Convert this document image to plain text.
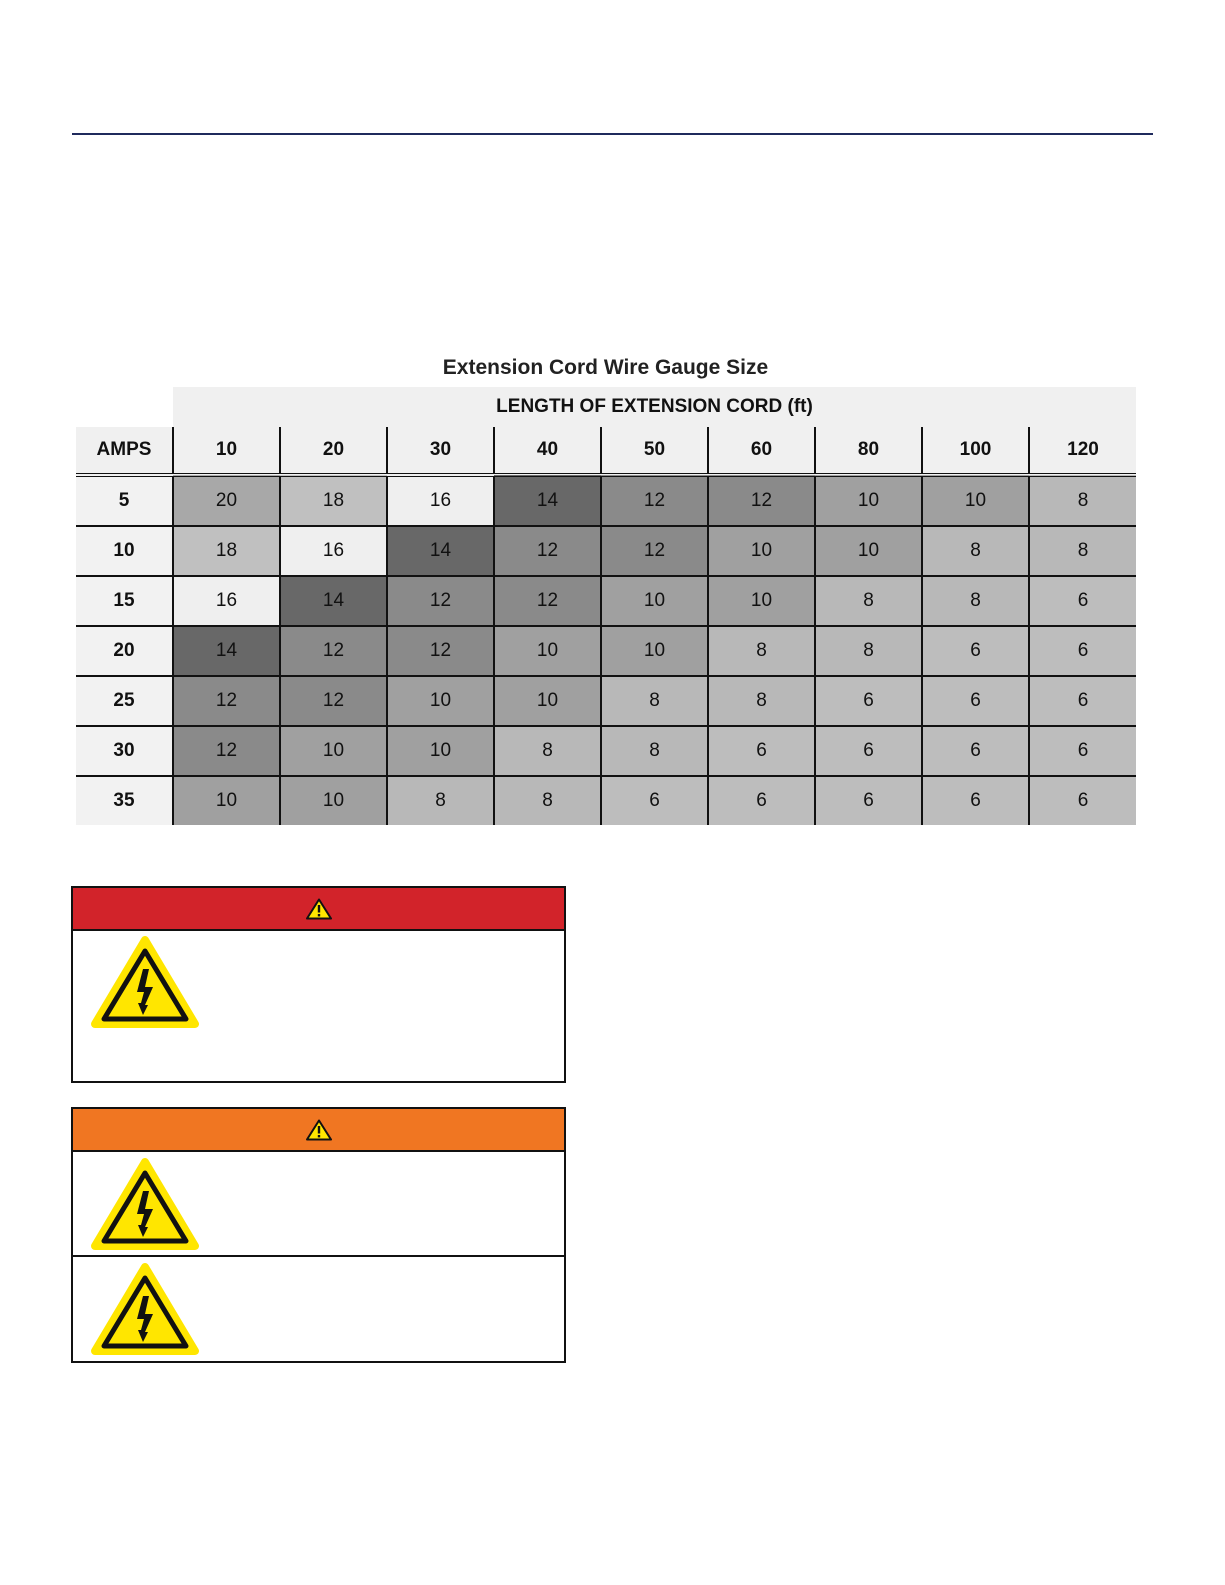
Extension Cord Wire Gauge Size
	LENGTH OF EXTENSION CORD (ft)								
AMPS	10	20	30	40	50	60	80	100	120
5	20	18	16	14	12	12	10	10	8
10	18	16	14	12	12	10	10	8	8
15	16	14	12	12	10	10	8	8	6
20	14	12	12	10	10	8	8	6	6
25	12	12	10	10	8	8	6	6	6
30	12	10	10	8	8	6	6	6	6
35	10	10	8	8	6	6	6	6	6
